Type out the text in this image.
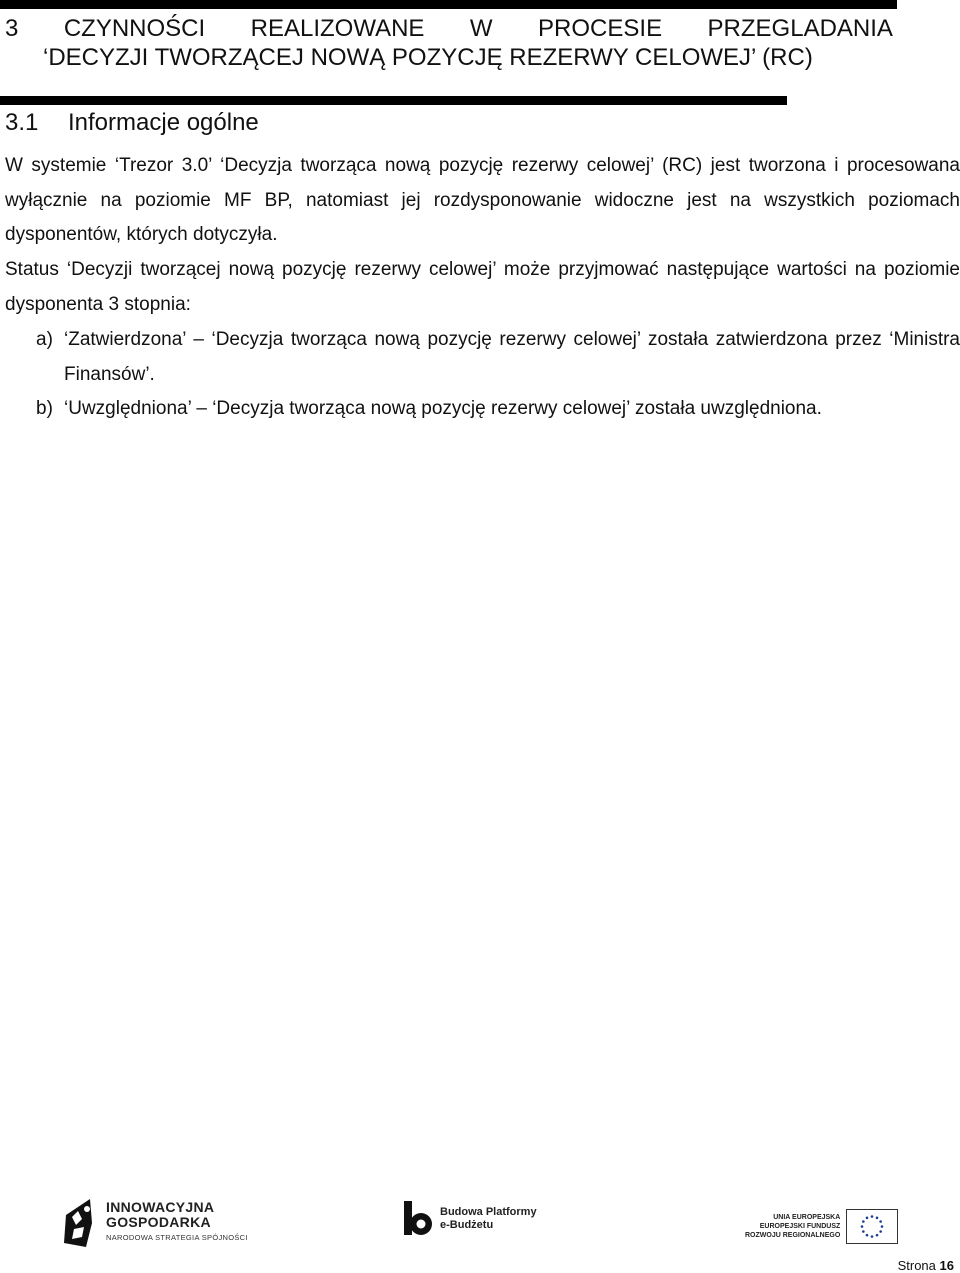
3 CZYNNOŚCI REALIZOWANE W PROCESIE PRZEGLADANIA
‘DECYZJI TWORZĄCEJ NOWĄ POZYCJĘ REZERWY CELOWEJ’ (RC)
3.1 Informacje ogólne

W systemie ‘Trezor 3.0’ ‘Decyzja tworząca nową pozycję rezerwy celowej’ (RC) jest tworzona i procesowana wyłącznie na poziomie MF BP, natomiast jej rozdysponowanie widoczne jest na wszystkich poziomach dysponentów, których dotyczyła.

Status ‘Decyzji tworzącej nową pozycję rezerwy celowej’ może przyjmować następujące wartości na poziomie dysponenta 3 stopnia:

a) ‘Zatwierdzona’ – ‘Decyzja tworząca nową pozycję rezerwy celowej’ została zatwierdzona przez ‘Ministra Finansów’.
b) ‘Uwzględniona’ – ‘Decyzja tworząca nową pozycję rezerwy celowej’ została uwzględniona.
INNOWACYJNA
GOSPODARKA
NARODOWA STRATEGIA SPÓJNOŚCI
Budowa Platformy
e-Budżetu
UNIA EUROPEJSKA
EUROPEJSKI FUNDUSZ
ROZWOJU REGIONALNEGO
Strona 16
